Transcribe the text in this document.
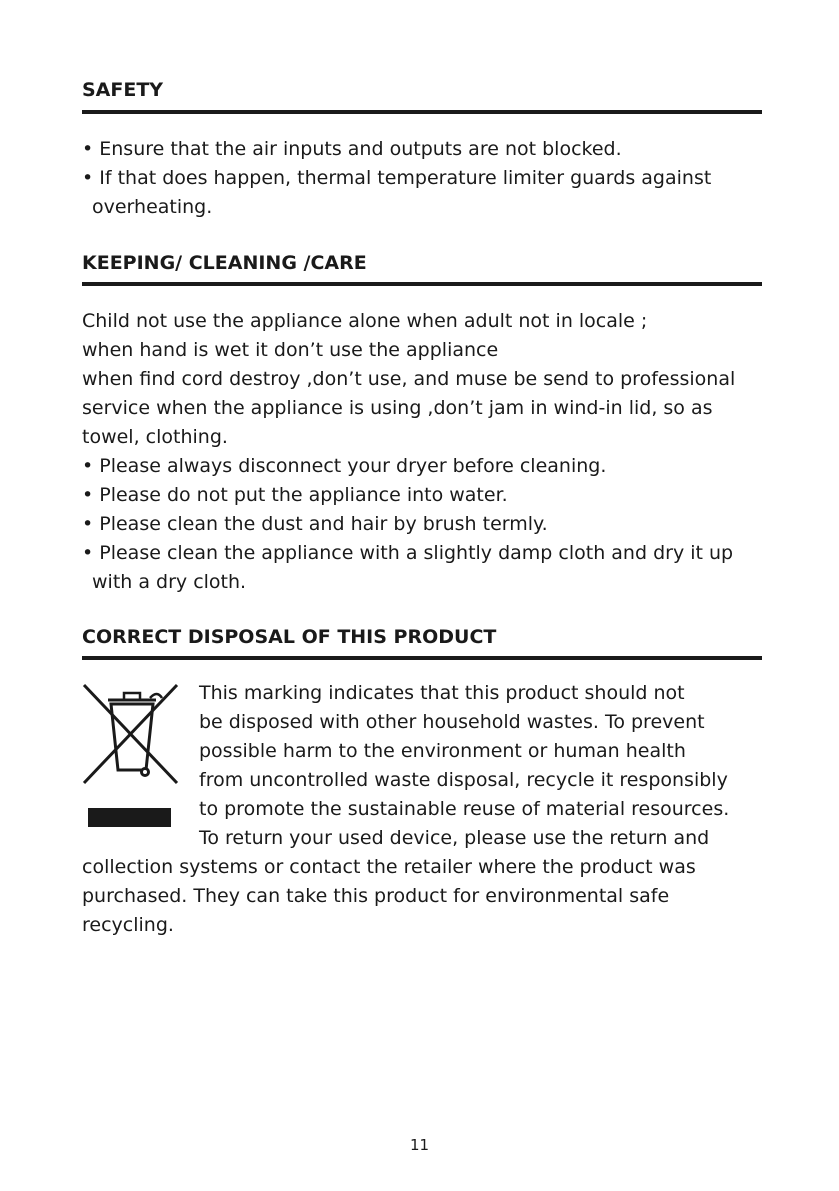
SAFETY
• Ensure that the air inputs and outputs are not blocked.
• If that does happen, thermal temperature limiter guards against
overheating.
KEEPING/ CLEANING /CARE
Child not use the appliance alone when adult not in locale ;
when hand is wet it don’t use the appliance
when find cord destroy ,don’t use, and muse be send to professional
service when the appliance is using ,don’t jam in wind-in lid, so as
towel, clothing.
• Please always disconnect your dryer before cleaning.
• Please do not put the appliance into water.
• Please clean the dust and hair by brush termly.
• Please clean the appliance with a slightly damp cloth and dry it up
with a dry cloth.
CORRECT DISPOSAL OF THIS PRODUCT
This marking indicates that this product should not
be disposed with other household wastes. To prevent
possible harm to the environment or human health
from uncontrolled waste disposal, recycle it responsibly
to promote the sustainable reuse of material resources.
To return your used device, please use the return and
collection systems or contact the retailer where the product was
purchased. They can take this product for environmental safe
recycling.
11
